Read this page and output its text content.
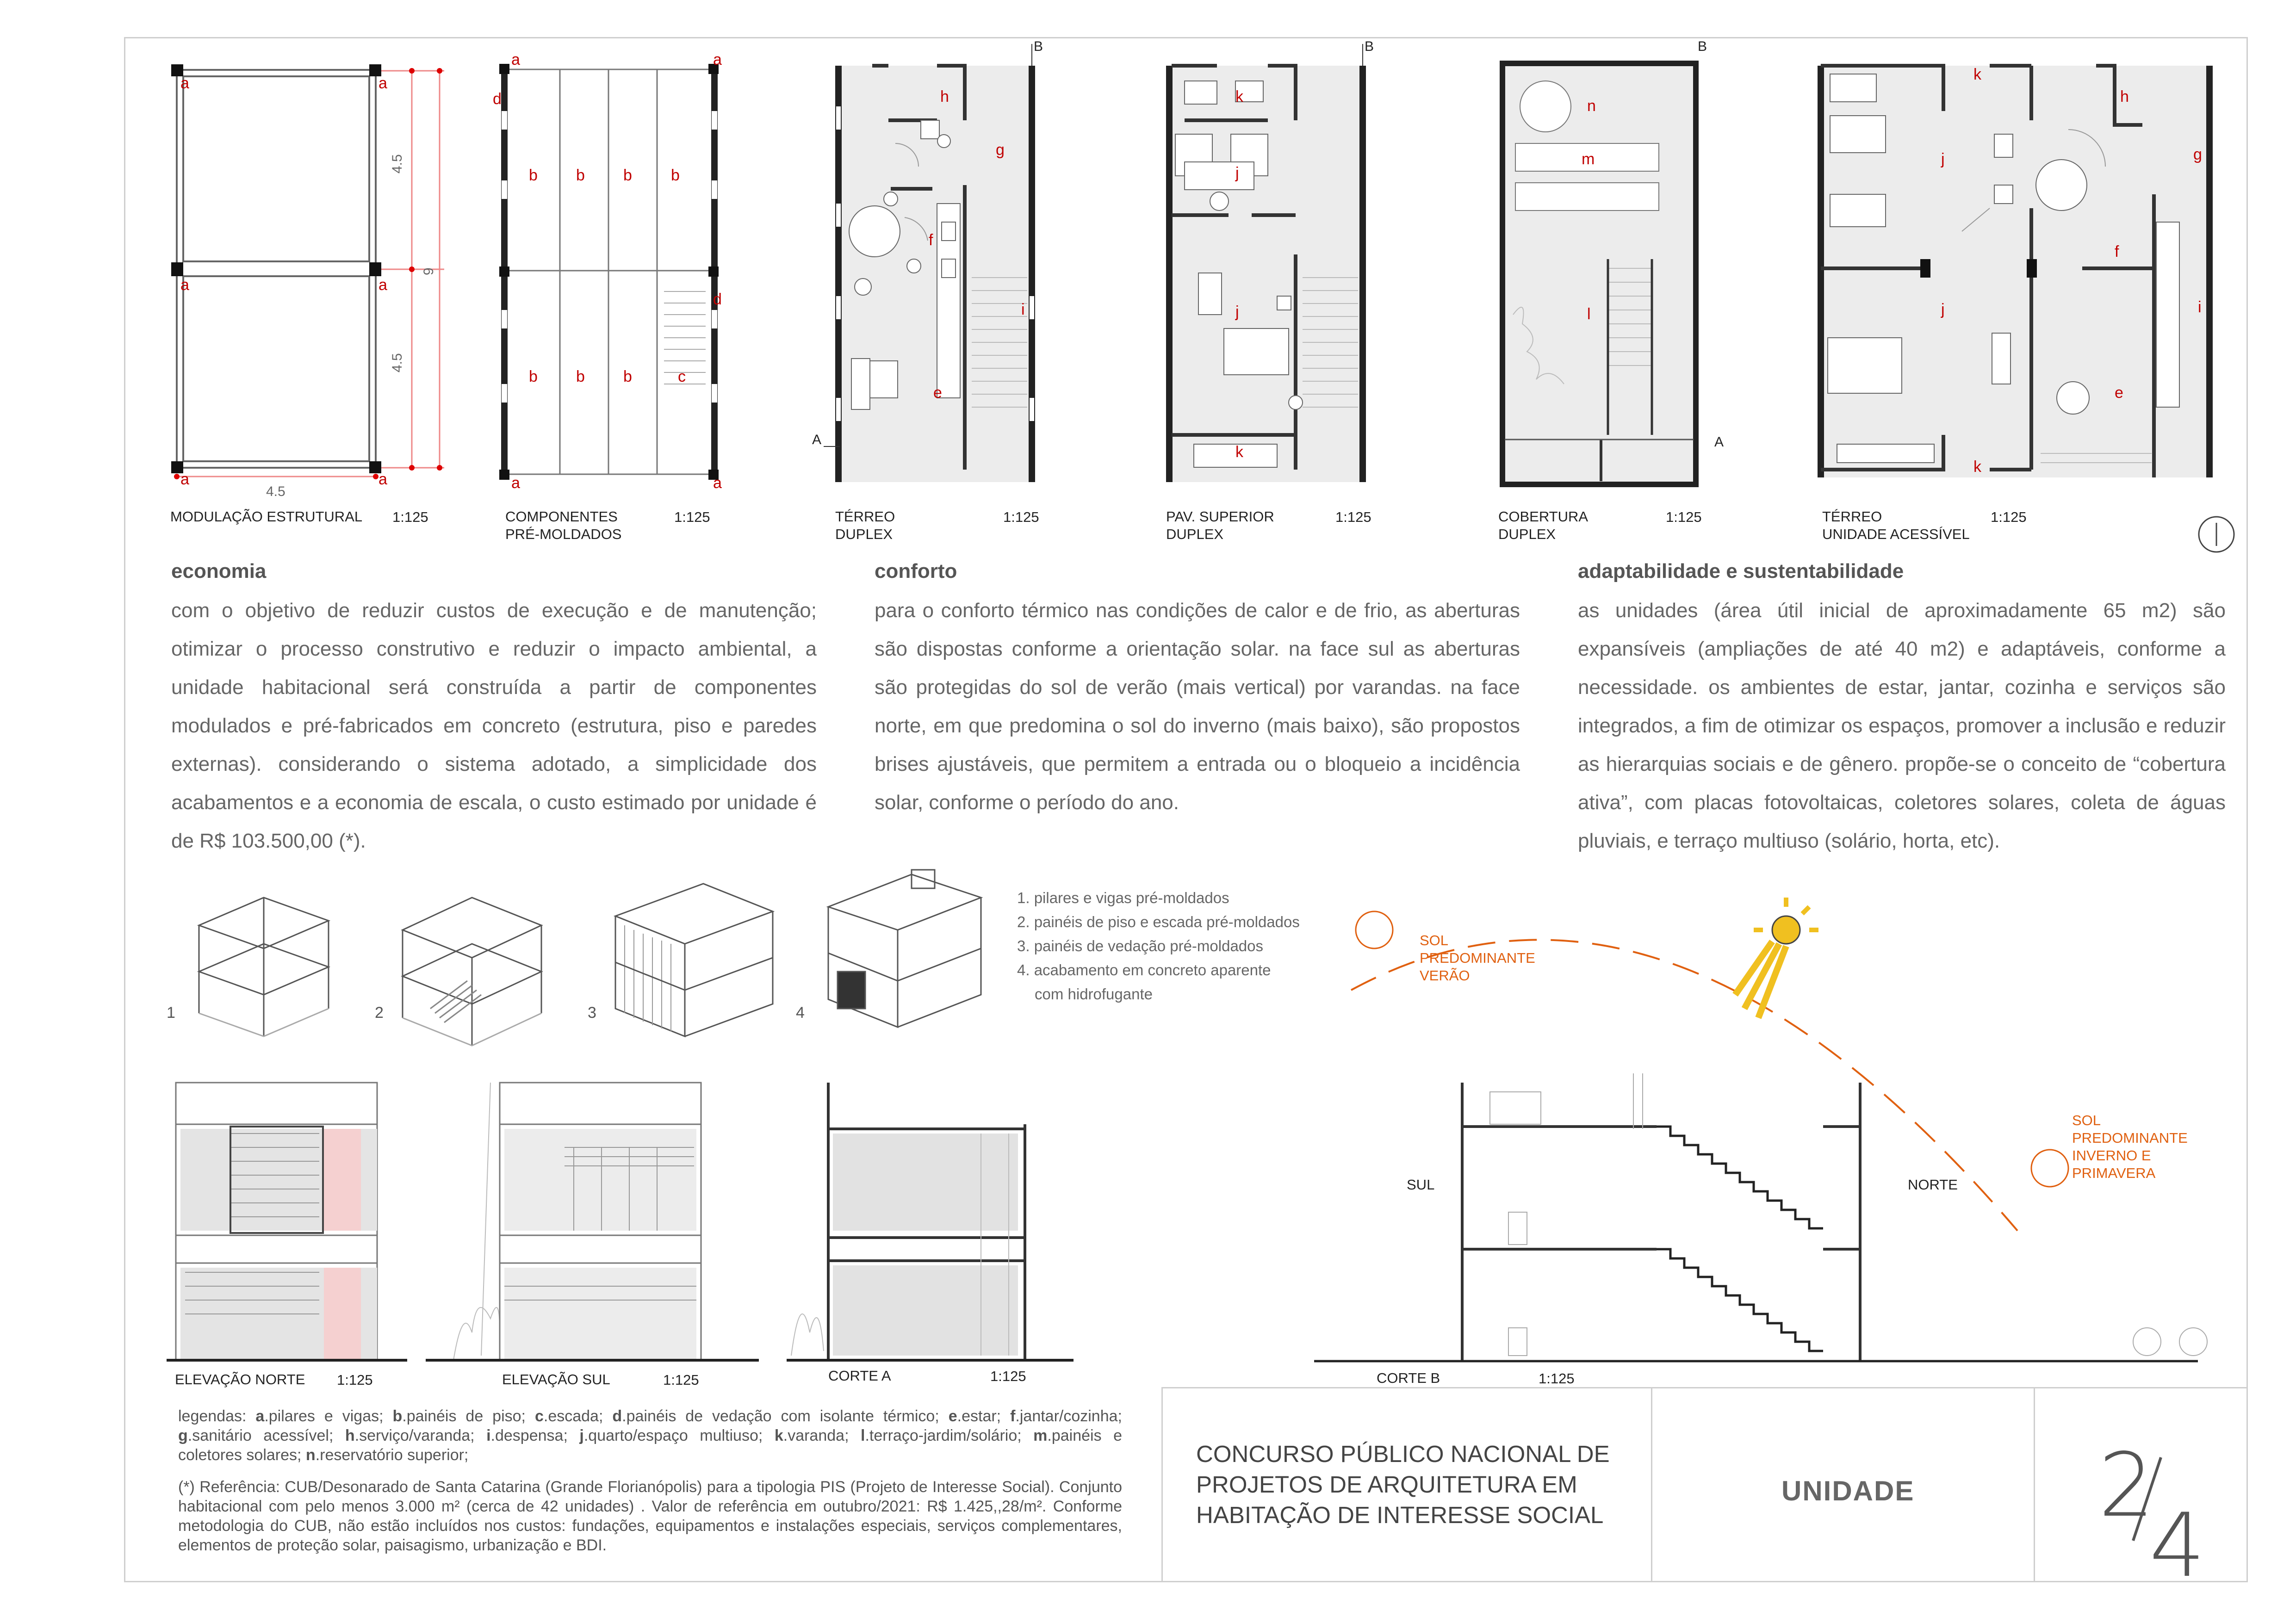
4.5
4.5
9
4.5
a	a
a	a
a	a
MODULAÇÃO ESTRUTURAL 1:125
a	a
d
b b b b
b b b	c
d
a	a
COMPONENTES
PRÉ-MOLDADOS
1:125
A
B
h
g
f
i
e
TÉRREO
DUPLEX
1:125
k
j
j
k
B
PAV. SUPERIOR
DUPLEX
1:125
B
A
n
m
l
COBERTURA
DUPLEX
1:125
k
h
g
j
f
i
j
e
k
TÉRREO
UNIDADE ACESSÍVEL
1:125
economia
com o objetivo de reduzir custos de execução e de manutenção; otimizar o processo construtivo e reduzir o impacto ambiental, a unidade habitacional será construída a partir de componentes modulados e pré-fabricados em concreto (estrutura, piso e paredes externas). considerando o sistema adotado, a simplicidade dos acabamentos e a economia de escala, o custo estimado por unidade é de R$ 103.500,00 (*).
conforto
para o conforto térmico nas condições de calor e de frio, as aberturas são dispostas conforme a orientação solar. na face sul as aberturas são protegidas do sol de verão (mais vertical) por varandas. na face norte, em que predomina o sol do inverno (mais baixo), são propostos brises ajustáveis, que permitem a entrada ou o bloqueio a incidência solar, conforme o período do ano.
adaptabilidade e sustentabilidade
as unidades (área útil inicial de aproximadamente 65 m2) são expansíveis (ampliações de até 40 m2) e adaptáveis, conforme a necessidade. os ambientes de estar, jantar, cozinha e serviços são integrados, a fim de otimizar os espaços, promover a inclusão e reduzir as hierarquias sociais e de gênero. propõe-se o conceito de “cobertura ativa”, com placas fotovoltaicas, coletores solares, coleta de águas pluviais, e terraço multiuso (solário, horta, etc).
1	2	3	4
1. pilares e vigas pré-moldados
2. painéis de piso e escada pré-moldados
3. painéis de vedação pré-moldados
4. acabamento em concreto aparente
com hidrofugante
ELEVAÇÃO NORTE 1:125	ELEVAÇÃO SUL	1:125	CORTE A	1:125
SOL
PREDOMINANTE
VERÃO
SOL
PREDOMINANTE
INVERNO E
PRIMAVERA
SUL	NORTE
CORTE B	1:125
legendas: a.pilares e vigas; b.painéis de piso; c.escada; d.painéis de vedação com isolante térmico; e.estar; f.jantar/cozinha; g.sanitário acessível; h.serviço/varanda; i.despensa; j.quarto/espaço multiuso; k.varanda; l.terraço-jardim/solário; m.painéis e coletores solares; n.reservatório superior;
(*) Referência: CUB/Desonarado de Santa Catarina (Grande Florianópolis) para a tipologia PIS (Projeto de Interesse Social). Conjunto habitacional com pelo menos 3.000 m² (cerca de 42 unidades) . Valor de referência em outubro/2021: R$ 1.425,,28/m². Conforme metodologia do CUB, não estão incluídos nos custos: fundações, equipamentos e instalações especiais, serviços complementares, elementos de proteção solar, paisagismo, urbanização e BDI.
CONCURSO PÚBLICO NACIONAL DE
PROJETOS DE ARQUITETURA EM
HABITAÇÃO DE INTERESSE SOCIAL
UNIDADE 2
4
